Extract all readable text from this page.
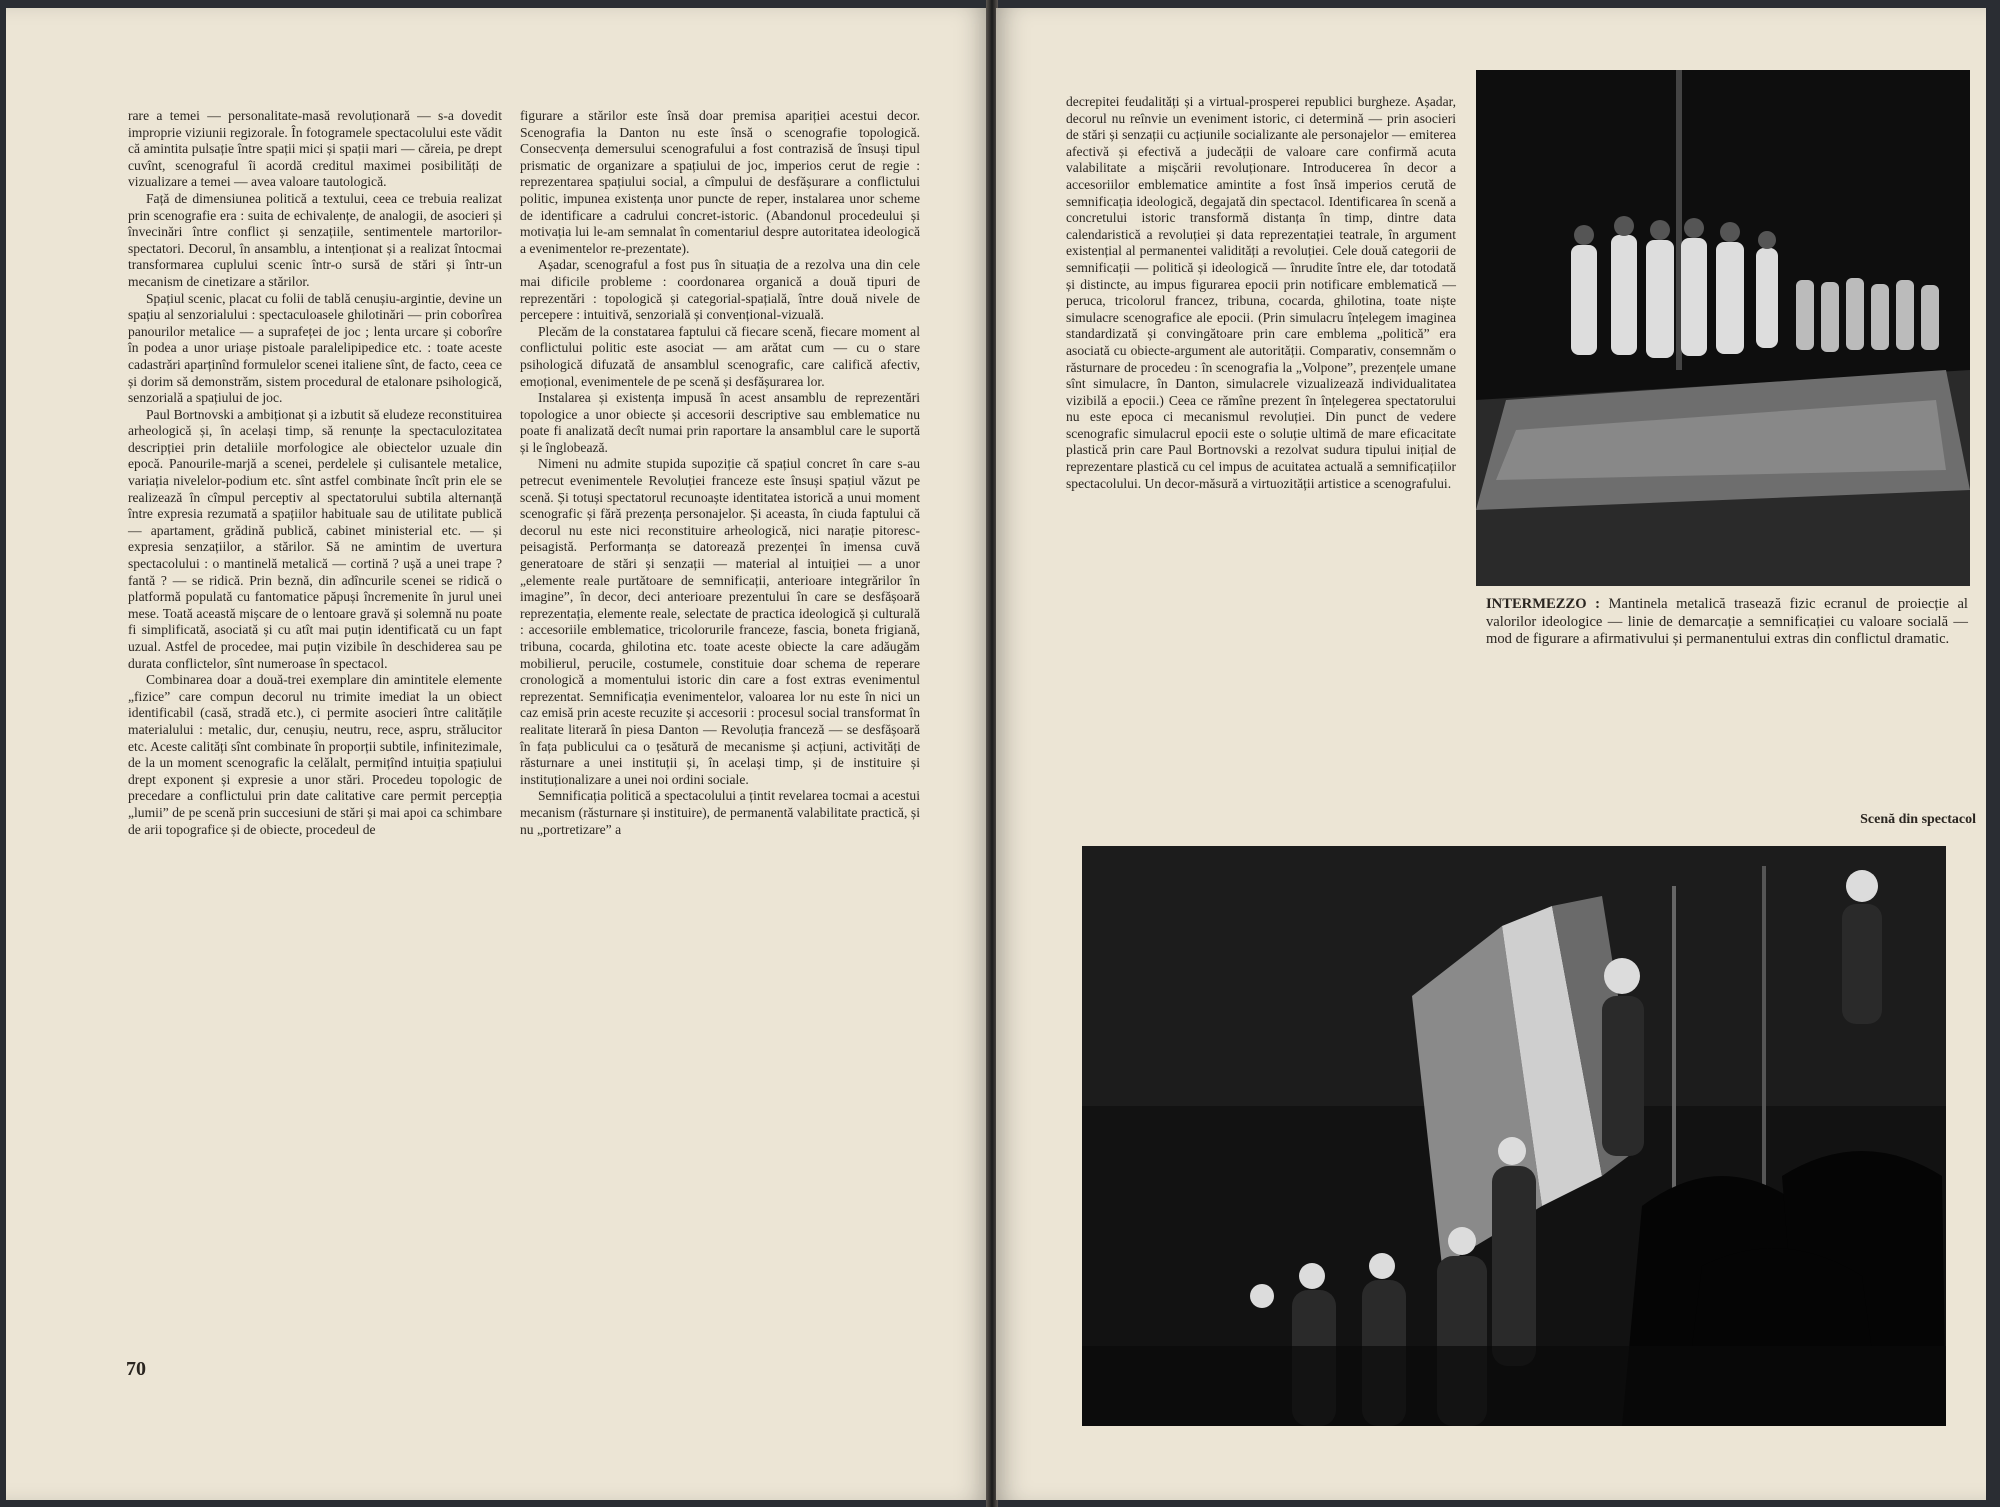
rare a temei — personalitate-masă revoluționară — s-a dovedit improprie viziunii regizorale. În fotogramele spectacolului este vădit că amintita pulsație între spații mici și spații mari — căreia, pe drept cuvînt, scenograful îi acordă creditul maximei posibilități de vizualizare a temei — avea valoare tautologică.

Față de dimensiunea politică a textului, ceea ce trebuia realizat prin scenografie era : suita de echivalențe, de analogii, de asocieri și învecinări între conflict și senzațiile, sentimentele martorilor-spectatori. Decorul, în ansamblu, a intenționat și a realizat întocmai transformarea cuplului scenic într-o sursă de stări și într-un mecanism de cinetizare a stărilor.

Spațiul scenic, placat cu folii de tablă cenușiu-argintie, devine un spațiu al senzorialului : spectaculoasele ghilotinări — prin coborîrea panourilor metalice — a suprafeței de joc ; lenta urcare și coborîre în podea a unor uriașe pistoale paralelipipedice etc. : toate aceste cadastrări aparținînd formulelor scenei italiene sînt, de facto, ceea ce și dorim să demonstrăm, sistem procedural de etalonare psihologică, senzorială a spațiului de joc.

Paul Bortnovski a ambiționat și a izbutit să eludeze reconstituirea arheologică și, în același timp, să renunțe la spectaculozitatea descripției prin detaliile morfologice ale obiectelor uzuale din epocă. Panourile-marjă a scenei, perdelele și culisantele metalice, variația nivelelor-podium etc. sînt astfel combinate încît prin ele se realizează în cîmpul perceptiv al spectatorului subtila alternanță între expresia rezumată a spațiilor habituale sau de utilitate publică — apartament, grădină publică, cabinet ministerial etc. — și expresia senzațiilor, a stărilor. Să ne amintim de uvertura spectacolului : o mantinelă metalică — cortină ? ușă a unei trape ? fantă ? — se ridică. Prin beznă, din adîncurile scenei se ridică o platformă populată cu fantomatice păpuși încremenite în jurul unei mese. Toată această mișcare de o lentoare gravă și solemnă nu poate fi simplificată, asociată și cu atît mai puțin identificată cu un fapt uzual. Astfel de procedee, mai puțin vizibile în deschiderea sau pe durata conflictelor, sînt numeroase în spectacol.

Combinarea doar a două-trei exemplare din amintitele elemente „fizice” care compun decorul nu trimite imediat la un obiect identificabil (casă, stradă etc.), ci permite asocieri între calitățile materialului : metalic, dur, cenușiu, neutru, rece, aspru, strălucitor etc. Aceste calități sînt combinate în proporții subtile, infinitezimale, de la un moment scenografic la celălalt, permițînd intuiția spațiului drept exponent și expresie a unor stări. Procedeu topologic de precedare a conflictului prin date calitative care permit percepția „lumii” de pe scenă prin succesiuni de stări și mai apoi ca schimbare de arii topografice și de obiecte, procedeul de

figurare a stărilor este însă doar premisa apariției acestui decor. Scenografia la Danton nu este însă o scenografie topologică. Consecvența demersului scenografului a fost contrazisă de însuși tipul prismatic de organizare a spațiului de joc, imperios cerut de regie : reprezentarea spațiului social, a cîmpului de desfășurare a conflictului politic, impunea existența unor puncte de reper, instalarea unor scheme de identificare a cadrului concret-istoric. (Abandonul procedeului și motivația lui le-am semnalat în comentariul despre autoritatea ideologică a evenimentelor re-prezentate).

Așadar, scenograful a fost pus în situația de a rezolva una din cele mai dificile probleme : coordonarea organică a două tipuri de reprezentări : topologică și categorial-spațială, între două nivele de percepere : intuitivă, senzorială și convențional-vizuală.

Plecăm de la constatarea faptului că fiecare scenă, fiecare moment al conflictului politic este asociat — am arătat cum — cu o stare psihologică difuzată de ansamblul scenografic, care califică afectiv, emoțional, evenimentele de pe scenă și desfășurarea lor.

Instalarea și existența impusă în acest ansamblu de reprezentări topologice a unor obiecte și accesorii descriptive sau emblematice nu poate fi analizată decît numai prin raportare la ansamblul care le suportă și le înglobează.

Nimeni nu admite stupida supoziție că spațiul concret în care s-au petrecut evenimentele Revoluției franceze este însuși spațiul văzut pe scenă. Și totuși spectatorul recunoaște identitatea istorică a unui moment scenografic și fără prezența personajelor. Și aceasta, în ciuda faptului că decorul nu este nici reconstituire arheologică, nici narație pitoresc-peisagistă. Performanța se datorează prezenței în imensa cuvă generatoare de stări și senzații — material al intuiției — a unor „elemente reale purtătoare de semnificații, anterioare integrărilor în imagine”, în decor, deci anterioare prezentului în care se desfășoară reprezentația, elemente reale, selectate de practica ideologică și culturală : accesoriile emblematice, tricolorurile franceze, fascia, boneta frigiană, tribuna, cocarda, ghilotina etc. toate aceste obiecte la care adăugăm mobilierul, perucile, costumele, constituie doar schema de reperare cronologică a momentului istoric din care a fost extras evenimentul reprezentat. Semnificația evenimentelor, valoarea lor nu este în nici un caz emisă prin aceste recuzite și accesorii : procesul social transformat în realitate literară în piesa Danton — Revoluția franceză — se desfășoară în fața publicului ca o țesătură de mecanisme și acțiuni, activități de răsturnare a unei instituții și, în același timp, și de instituire și instituționalizare a unei noi ordini sociale.

Semnificația politică a spectacolului a țintit revelarea tocmai a acestui mecanism (răsturnare și instituire), de permanentă valabilitate practică, și nu „portretizare” a

70

decrepitei feudalități și a virtual-prosperei republici burgheze. Așadar, decorul nu reînvie un eveniment istoric, ci determină — prin asocieri de stări și senzații cu acțiunile socializante ale personajelor — emiterea afectivă și efectivă a judecății de valoare care confirmă acuta valabilitate a mișcării revoluționare. Introducerea în decor a accesoriilor emblematice amintite a fost însă imperios cerută de semnificația ideologică, degajată din spectacol. Identificarea în scenă a concretului istoric transformă distanța în timp, dintre data calendaristică a revoluției și data reprezentației teatrale, în argument existențial al permanentei validități a revoluției. Cele două categorii de semnificații — politică și ideologică — înrudite între ele, dar totodată și distincte, au impus figurarea epocii prin notificare emblematică — peruca, tricolorul francez, tribuna, cocarda, ghilotina, toate niște simulacre scenografice ale epocii. (Prin simulacru înțelegem imaginea standardizată și convingătoare prin care emblema „politică” era asociată cu obiecte-argument ale autorității. Comparativ, consemnăm o răsturnare de procedeu : în scenografia la „Volpone”, prezențele umane sînt simulacre, în Danton, simulacrele vizualizează individualitatea vizibilă a epocii.) Ceea ce rămîne prezent în înțelegerea spectatorului nu este epoca ci mecanismul revoluției. Din punct de vedere scenografic simulacrul epocii este o soluție ultimă de mare eficacitate plastică prin care Paul Bortnovski a rezolvat sudura tipului inițial de reprezentare plastică cu cel impus de acuitatea actuală a semnificațiilor spectacolului. Un decor-măsură a virtuozității artistice a scenografului.

INTERMEZZO : Mantinela metalică trasează fizic ecranul de proiecție al valorilor ideologice — linie de demarcație a semnificației cu valoare socială — mod de figurare a afirmativului și permanentului extras din conflictul dramatic.
Scenă din spectacol
